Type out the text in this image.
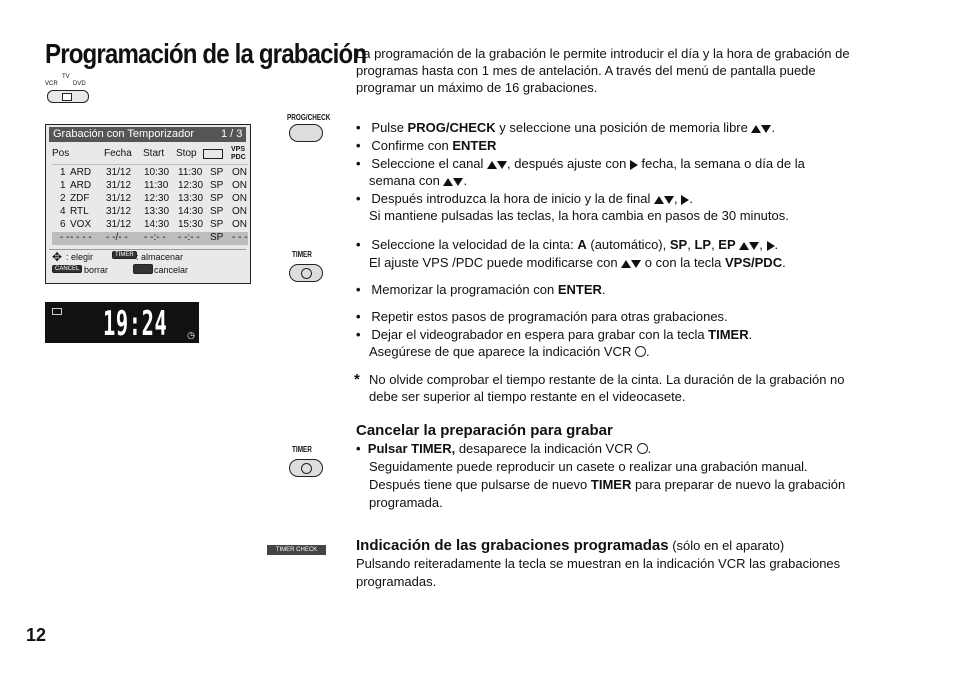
Programación de la grabación
TV
VCR	DVD
Grabación con Temporizador 1 / 3
Pos	Fecha Start Stop	VPS
PDC
1 ARD 31/12 10:30 11:30 SP ON
1 ARD 31/12 11:30 12:30 SP ON
2 ZDF 31/12 12:30 13:30 SP ON
4 RTL 31/12 13:30 14:30 SP ON
6 VOX 31/12 14:30 15:30 SP ON
- - - - - - - -/- - - -:- - - -:- - SP - - -
✥ : elegir	TIMER : almacenar
CANCEL : borrar	: cancelar
19:24 ◷
PROG/CHECK
TIMER
TIMER
TIMER CHECK
La programación de la grabación le permite introducir el día y la hora de grabación de
programas hasta con 1 mes de antelación. A través del menú de pantalla puede
programar un máximo de 16 grabaciones.
• Pulse PROG/CHECK y seleccione una posición de memoria libre .
• Confirme con ENTER
• Seleccione el canal , después ajuste con  fecha, la semana o día de la
semana con .
• Después introduzca la hora de inicio y la de final , .
Si mantiene pulsadas las teclas, la hora cambia en pasos de 30 minutos.
• Seleccione la velocidad de la cinta: A (automático), SP, LP, EP , .
El ajuste VPS /PDC puede modificarse con  o con la tecla VPS/PDC.
• Memorizar la programación con ENTER.
• Repetir estos pasos de programación para otras grabaciones.
• Dejar el videograbador en espera para grabar con la tecla TIMER.
Asegúrese de que aparece la indicación VCR .
* No olvide comprobar el tiempo restante de la cinta. La duración de la grabación no
debe ser superior al tiempo restante en el videocasete.
Cancelar la preparación para grabar
• Pulsar TIMER, desaparece la indicación VCR .
Seguidamente puede reproducir un casete o realizar una grabación manual.
Después tiene que pulsarse de nuevo TIMER para preparar de nuevo la grabación
programada.
Indicación de las grabaciones programadas (sólo en el aparato)
Pulsando reiteradamente la tecla se muestran en la indicación VCR las grabaciones
programadas.
12
